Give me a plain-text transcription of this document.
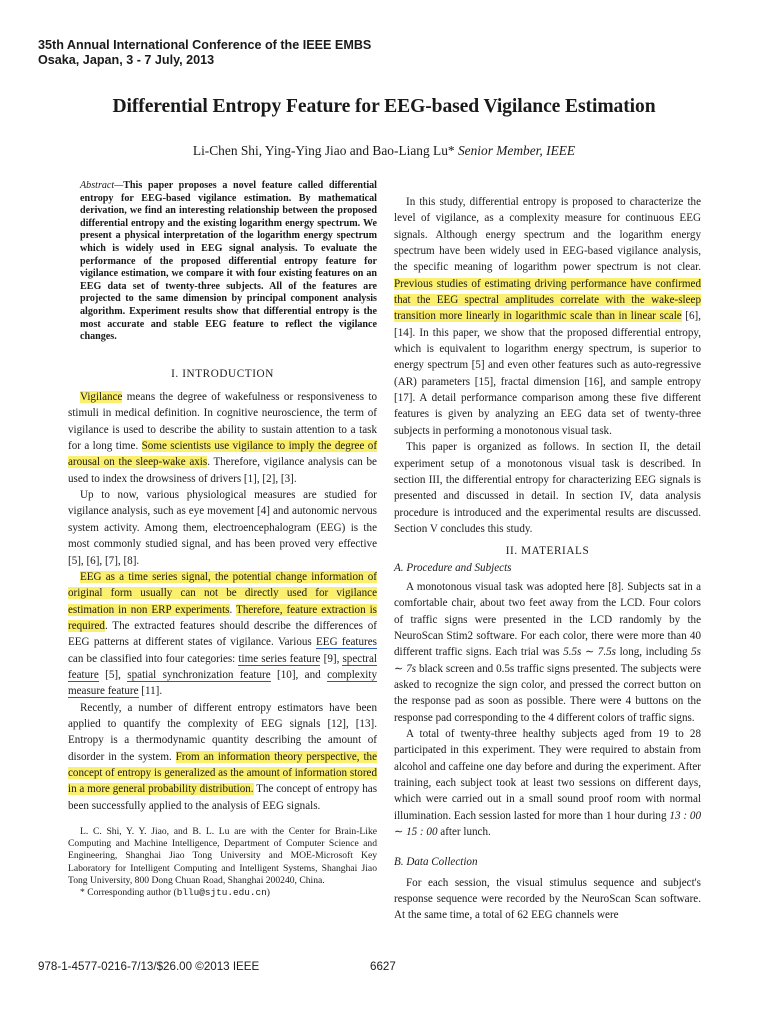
35th Annual International Conference of the IEEE EMBS
Osaka, Japan, 3 - 7 July, 2013
Differential Entropy Feature for EEG-based Vigilance Estimation
Li-Chen Shi, Ying-Ying Jiao and Bao-Liang Lu* Senior Member, IEEE
Abstract—This paper proposes a novel feature called differential entropy for EEG-based vigilance estimation. By mathematical derivation, we find an interesting relationship between the proposed differential entropy and the existing logarithm energy spectrum. We present a physical interpretation of the logarithm energy spectrum which is widely used in EEG signal analysis. To evaluate the performance of the proposed differential entropy feature for vigilance estimation, we compare it with four existing features on an EEG data set of twenty-three subjects. All of the features are projected to the same dimension by principal component analysis algorithm. Experiment results show that differential entropy is the most accurate and stable EEG feature to reflect the vigilance changes.
I. INTRODUCTION

Vigilance means the degree of wakefulness or responsiveness to stimuli in medical definition. In cognitive neuroscience, the term of vigilance is used to describe the ability to sustain attention to a task for a long time. Some scientists use vigilance to imply the degree of arousal on the sleep-wake axis. Therefore, vigilance analysis can be used to index the drowsiness of drivers [1], [2], [3].

Up to now, various physiological measures are studied for vigilance analysis, such as eye movement [4] and autonomic nervous system activity. Among them, electroencephalogram (EEG) is the most commonly studied signal, and has been proved very effective [5], [6], [7], [8].

EEG as a time series signal, the potential change information of original form usually can not be directly used for vigilance estimation in non ERP experiments. Therefore, feature extraction is required. The extracted features should describe the differences of EEG patterns at different states of vigilance. Various EEG features can be classified into four categories: time series feature [9], spectral feature [5], spatial synchronization feature [10], and complexity measure feature [11].

Recently, a number of different entropy estimators have been applied to quantify the complexity of EEG signals [12], [13]. Entropy is a thermodynamic quantity describing the amount of disorder in the system. From an information theory perspective, the concept of entropy is generalized as the amount of information stored in a more general probability distribution. The concept of entropy has been successfully applied to the analysis of EEG signals.

L. C. Shi, Y. Y. Jiao, and B. L. Lu are with the Center for Brain-Like Computing and Machine Intelligence, Department of Computer Science and Engineering, Shanghai Jiao Tong University and MOE-Microsoft Key Laboratory for Intelligent Computing and Intelligent Systems, Shanghai Jiao Tong University, 800 Dong Chuan Road, Shanghai 200240, China.

* Corresponding author (bllu@sjtu.edu.cn)

In this study, differential entropy is proposed to characterize the level of vigilance, as a complexity measure for continuous EEG signals. Although energy spectrum and the logarithm energy spectrum have been widely used in EEG-based vigilance analysis, the specific meaning of logarithm power spectrum is not clear. Previous studies of estimating driving performance have confirmed that the EEG spectral amplitudes correlate with the wake-sleep transition more linearly in logarithmic scale than in linear scale [6], [14]. In this paper, we show that the proposed differential entropy, which is equivalent to logarithm energy spectrum, is superior to energy spectrum [5] and even other features such as auto-regressive (AR) parameters [15], fractal dimension [16], and sample entropy [17]. A detail performance comparison among these five different features is given by analyzing an EEG data set of twenty-three subjects in performing a monotonous visual task.

This paper is organized as follows. In section II, the detail experiment setup of a monotonous visual task is described. In section III, the differential entropy for characterizing EEG signals is presented and discussed in detail. In section IV, data analysis procedure is introduced and the experimental results are discussed. Section V concludes this study.

II. MATERIALS
A. Procedure and Subjects

A monotonous visual task was adopted here [8]. Subjects sat in a comfortable chair, about two feet away from the LCD. Four colors of traffic signs were presented in the LCD randomly by the NeuroScan Stim2 software. For each color, there were more than 40 different traffic signs. Each trial was 5.5s ∼ 7.5s long, including 5s ∼ 7s black screen and 0.5s traffic signs presented. The subjects were asked to recognize the sign color, and pressed the correct button on the response pad as soon as possible. There were 4 buttons on the response pad corresponding to the 4 different colors of traffic signs.

A total of twenty-three healthy subjects aged from 19 to 28 participated in this experiment. They were required to abstain from alcohol and caffeine one day before and during the experiment. After training, each subject took at least two sessions on different days, which were carried out in a small sound proof room with normal illumination. Each session lasted for more than 1 hour during 13 : 00 ∼ 15 : 00 after lunch.

B. Data Collection

For each session, the visual stimulus sequence and subject's response sequence were recorded by the NeuroScan Scan software. At the same time, a total of 62 EEG channels were

978-1-4577-0216-7/13/$26.00 ©2013 IEEE	6627
